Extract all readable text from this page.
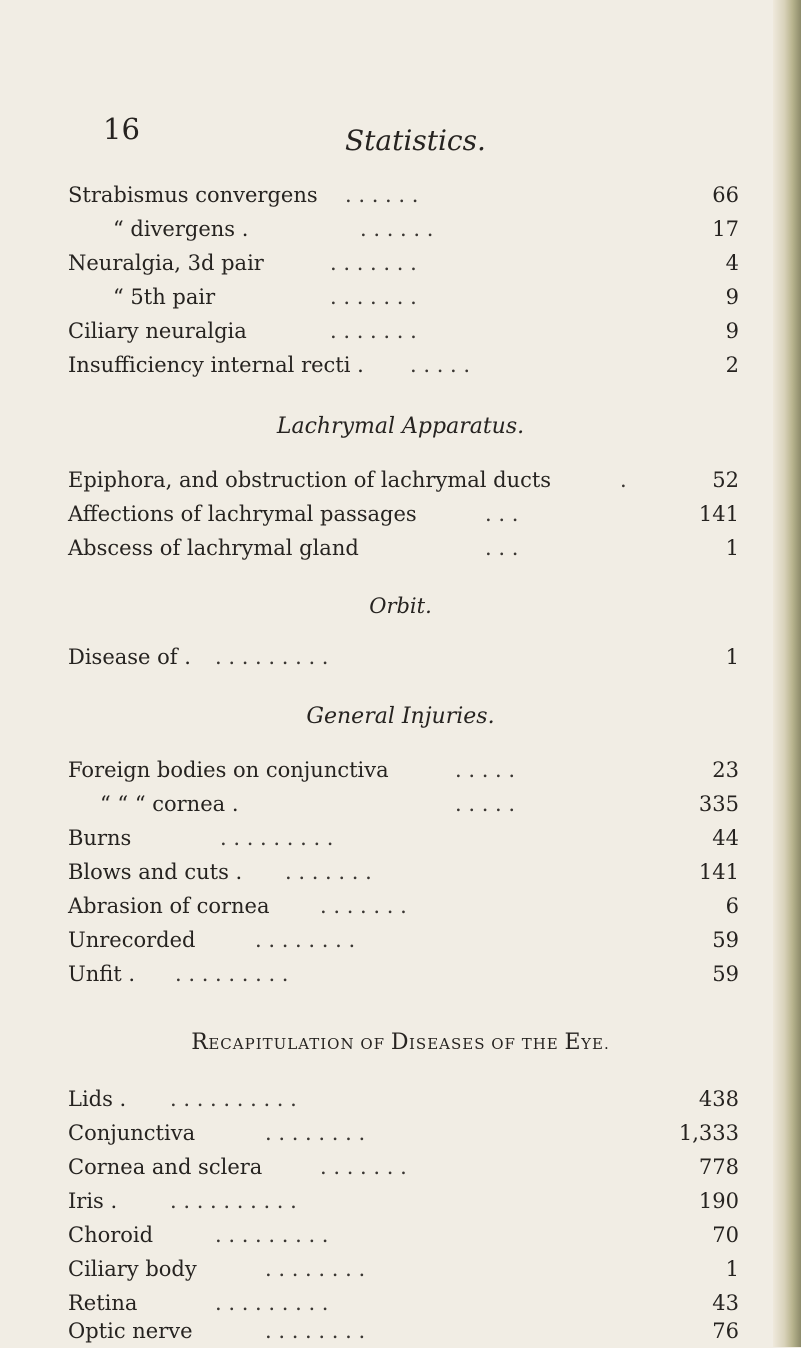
16	Statistics.
Strabismus convergens . . . . . .	66
“ divergens .	. . . . . .	17
Neuralgia, 3d pair	. . . . . . .	4
“ 5th pair	. . . . . . .	9
Ciliary neuralgia	. . . . . . .	9
Insufficiency internal recti . . . . . .	2
Lachrymal Apparatus.
Epiphora, and obstruction of lachrymal ducts	.	52
Affections of lachrymal passages	. . .	141
Abscess of lachrymal gland	. . .	1
Orbit.
Disease of . . . . . . . . . .	1
General Injuries.
Foreign bodies on conjunctiva	. . . . .	23
“ “ “ cornea .	. . . . .	335
Burns	. . . . . . . . .	44
Blows and cuts . . . . . . . .	141
Abrasion of cornea . . . . . . .	6
Unrecorded	. . . . . . . .	59
Unfit . . . . . . . . . .	59
RECAPITULATION OF DISEASES OF THE EYE.
Lids . . . . . . . . . . .	438
Conjunctiva	. . . . . . . .	1,333
Cornea and sclera	. . . . . . .	778
Iris .	. . . . . . . . . .	190
Choroid	. . . . . . . . .	70
Ciliary body	. . . . . . . .	1
Retina	. . . . . . . . .	43
Optic nerve	. . . . . . . .	76
